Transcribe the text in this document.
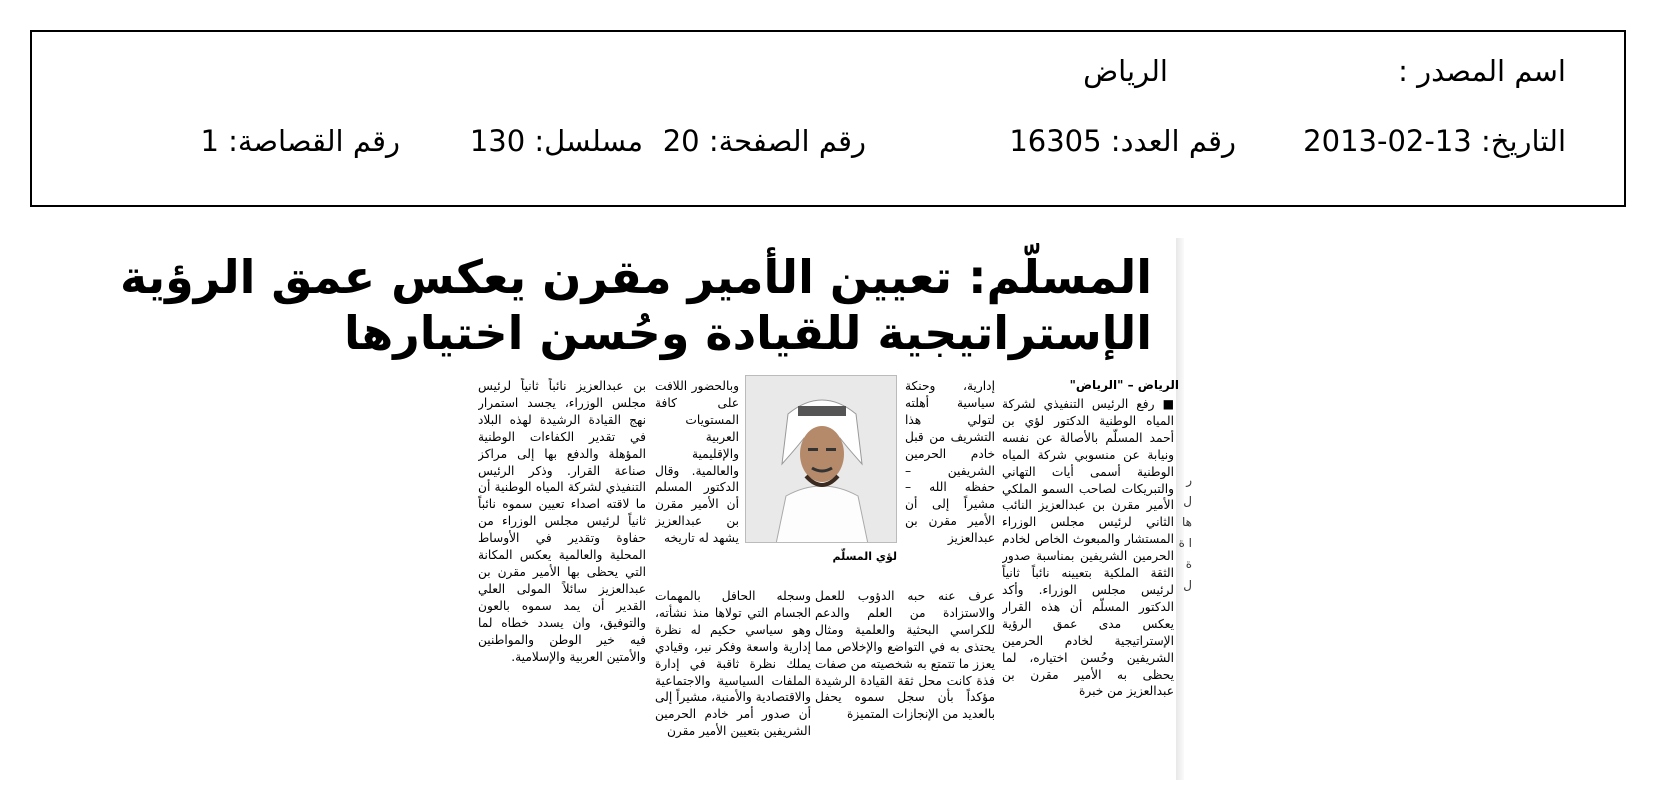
اسم المصدر :
الرياض
التاريخ: 13-02-2013
رقم العدد: 16305
رقم الصفحة: 20
مسلسل: 130
رقم القصاصة: 1
المسلّم: تعيين الأمير مقرن يعكس عمق الرؤية
الإستراتيجية للقيادة وحُسن اختيارها
الرياض – "الرياض"
■ رفع الرئيس التنفيذي لشركة المياه الوطنية الدكتور لؤي بن أحمد المسلّم بالأصالة عن نفسه ونيابة عن منسوبي شركة المياه الوطنية أسمى أيات التهاني والتبريكات لصاحب السمو الملكي الأمير مقرن بن عبدالعزيز النائب الثاني لرئيس مجلس الوزراء المستشار والمبعوث الخاص لخادم الحرمين الشريفين بمناسبة صدور الثقة الملكية بتعيينه نائباً ثانياً لرئيس مجلس الوزراء. وأكد الدكتور المسلّم أن هذه القرار يعكس مدى عمق الرؤية الإستراتيجية لخادم الحرمين الشريفين وحُسن اختياره، لما يحظى به الأمير مقرن بن عبدالعزيز من خبرة
إدارية، وحنكة سياسية أهلته لتولي هذا التشريف من قبل خادم الحرمين الشريفين – حفظه الله – مشيراً إلى أن الأمير مقرن بن عبدالعزيز
لؤي المسلّم
وبالحضور اللافت على كافة المستويات العربية والإقليمية والعالمية. وقال الدكتور المسلم أن الأمير مقرن بن عبدالعزيز يشهد له تاريخه
عرف عنه حبه الدؤوب للعمل والاستزادة من العلم والدعم للكراسي البحثية والعلمية ومثال يحتذى به في التواضع والإخلاص مما يعزز ما تتمتع به شخصيته من صفات فذة كانت محل ثقة القيادة الرشيدة مؤكداً بأن سجل سموه يحفل بالعديد من الإنجازات المتميزة
وسجله الحافل بالمهمات الجسام التي تولاها منذ نشأته، وهو سياسي حكيم له نظرة إدارية واسعة وفكر نير، وقيادي يملك نظرة ثاقبة في إدارة الملفات السياسية والاجتماعية والاقتصادية والأمنية، مشيراً إلى أن صدور أمر خادم الحرمين الشريفين بتعيين الأمير مقرن
بن عبدالعزيز نائباً ثانياً لرئيس مجلس الوزراء، يجسد استمرار نهج القيادة الرشيدة لهذه البلاد في تقدير الكفاءات الوطنية المؤهلة والدفع بها إلى مراكز صناعة القرار. وذكر الرئيس التنفيذي لشركة المياه الوطنية أن ما لاقته اصداء تعيين سموه نائباً ثانياً لرئيس مجلس الوزراء من حفاوة وتقدير في الأوساط المحلية والعالمية يعكس المكانة التي يحظى بها الأمير مقرن بن عبدالعزيز سائلاً المولى العلي القدير أن يمد سموه بالعون والتوفيق، وان يسدد خطاه لما فيه خير الوطن والمواطنين والأمتين العربية والإسلامية.
ر ل ها ا ة ة ل
